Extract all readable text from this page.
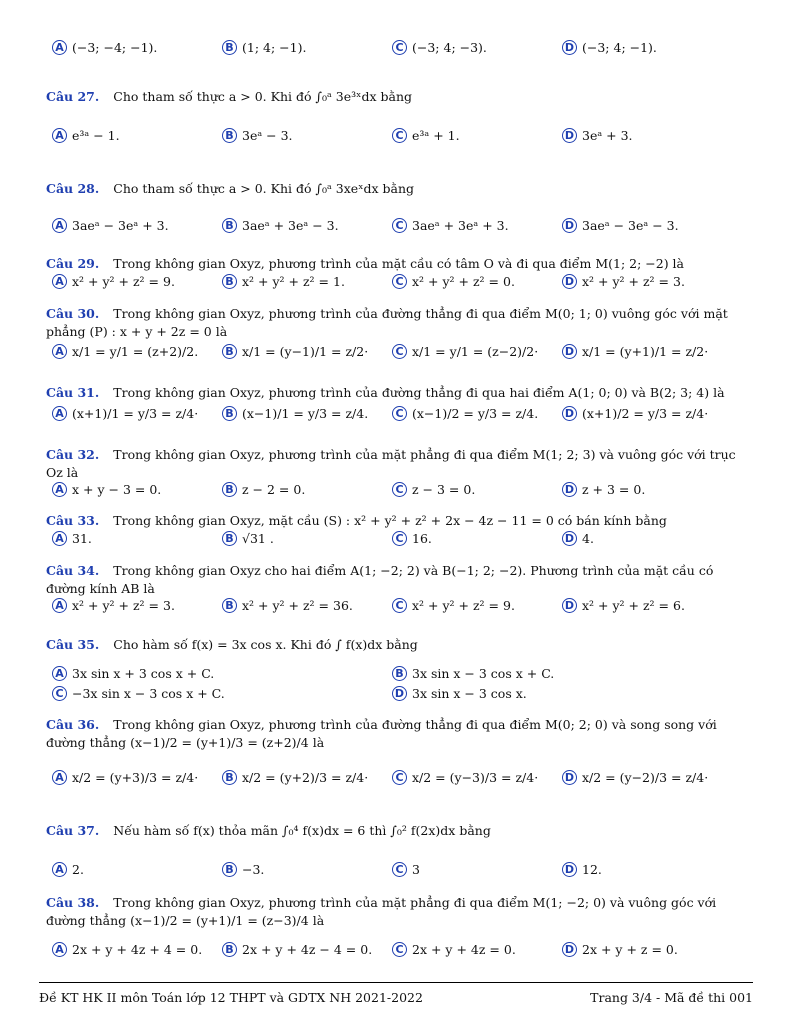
A (−3; −4; −1).	B (1; 4; −1).	C (−3; 4; −3).	D (−3; 4; −1).
Câu 27. Cho tham số thực a > 0. Khi đó ∫₀ᵃ 3e³ˣdx bằng
A e³ᵃ − 1.	B 3eᵃ − 3.	C e³ᵃ + 1.	D 3eᵃ + 3.
Câu 28. Cho tham số thực a > 0. Khi đó ∫₀ᵃ 3xeˣdx bằng
A 3aeᵃ − 3eᵃ + 3.	B 3aeᵃ + 3eᵃ − 3.	C 3aeᵃ + 3eᵃ + 3.	D 3aeᵃ − 3eᵃ − 3.
Câu 29. Trong không gian Oxyz, phương trình của mặt cầu có tâm O và đi qua điểm M(1; 2; −2) là
A x² + y² + z² = 9.	B x² + y² + z² = 1.	C x² + y² + z² = 0.	D x² + y² + z² = 3.
Câu 30. Trong không gian Oxyz, phương trình của đường thẳng đi qua điểm M(0; 1; 0) vuông góc với mặt phẳng (P) : x + y + 2z = 0 là
A x/1 = y/1 = (z+2)/2. B x/1 = (y−1)/1 = z/2·	C x/1 = y/1 = (z−2)/2· D x/1 = (y+1)/1 = z/2·
Câu 31. Trong không gian Oxyz, phương trình của đường thẳng đi qua hai điểm A(1; 0; 0) và B(2; 3; 4) là
A (x+1)/1 = y/3 = z/4· B (x−1)/1 = y/3 = z/4.	C (x−1)/2 = y/3 = z/4. D (x+1)/2 = y/3 = z/4·
Câu 32. Trong không gian Oxyz, phương trình của mặt phẳng đi qua điểm M(1; 2; 3) và vuông góc với trục Oz là
A x + y − 3 = 0.	B z − 2 = 0.	C z − 3 = 0.	D z + 3 = 0.
Câu 33. Trong không gian Oxyz, mặt cầu (S) : x² + y² + z² + 2x − 4z − 11 = 0 có bán kính bằng
A 31.	B √31 .	C 16.	D 4.
Câu 34. Trong không gian Oxyz cho hai điểm A(1; −2; 2) và B(−1; 2; −2). Phương trình của mặt cầu có đường kính AB là
A x² + y² + z² = 3.	B x² + y² + z² = 36.	C x² + y² + z² = 9.	D x² + y² + z² = 6.
Câu 35. Cho hàm số f(x) = 3x cos x. Khi đó ∫ f(x)dx bằng
A 3x sin x + 3 cos x + C.	B 3x sin x − 3 cos x + C.
C −3x sin x − 3 cos x + C.	D 3x sin x − 3 cos x.
Câu 36. Trong không gian Oxyz, phương trình của đường thẳng đi qua điểm M(0; 2; 0) và song song với đường thẳng (x−1)/2 = (y+1)/3 = (z+2)/4 là
A x/2 = (y+3)/3 = z/4· B x/2 = (y+2)/3 = z/4·	C x/2 = (y−3)/3 = z/4· D x/2 = (y−2)/3 = z/4·
Câu 37. Nếu hàm số f(x) thỏa mãn ∫₀⁴ f(x)dx = 6 thì ∫₀² f(2x)dx bằng
A 2.	B −3.	C 3	D 12.
Câu 38. Trong không gian Oxyz, phương trình của mặt phẳng đi qua điểm M(1; −2; 0) và vuông góc với đường thẳng (x−1)/2 = (y+1)/1 = (z−3)/4 là
A 2x + y + 4z + 4 = 0. B 2x + y + 4z − 4 = 0.	C 2x + y + 4z = 0.	D 2x + y + z = 0.
Đề KT HK II môn Toán lớp 12 THPT và GDTX NH 2021-2022	Trang 3/4 - Mã đề thi 001
